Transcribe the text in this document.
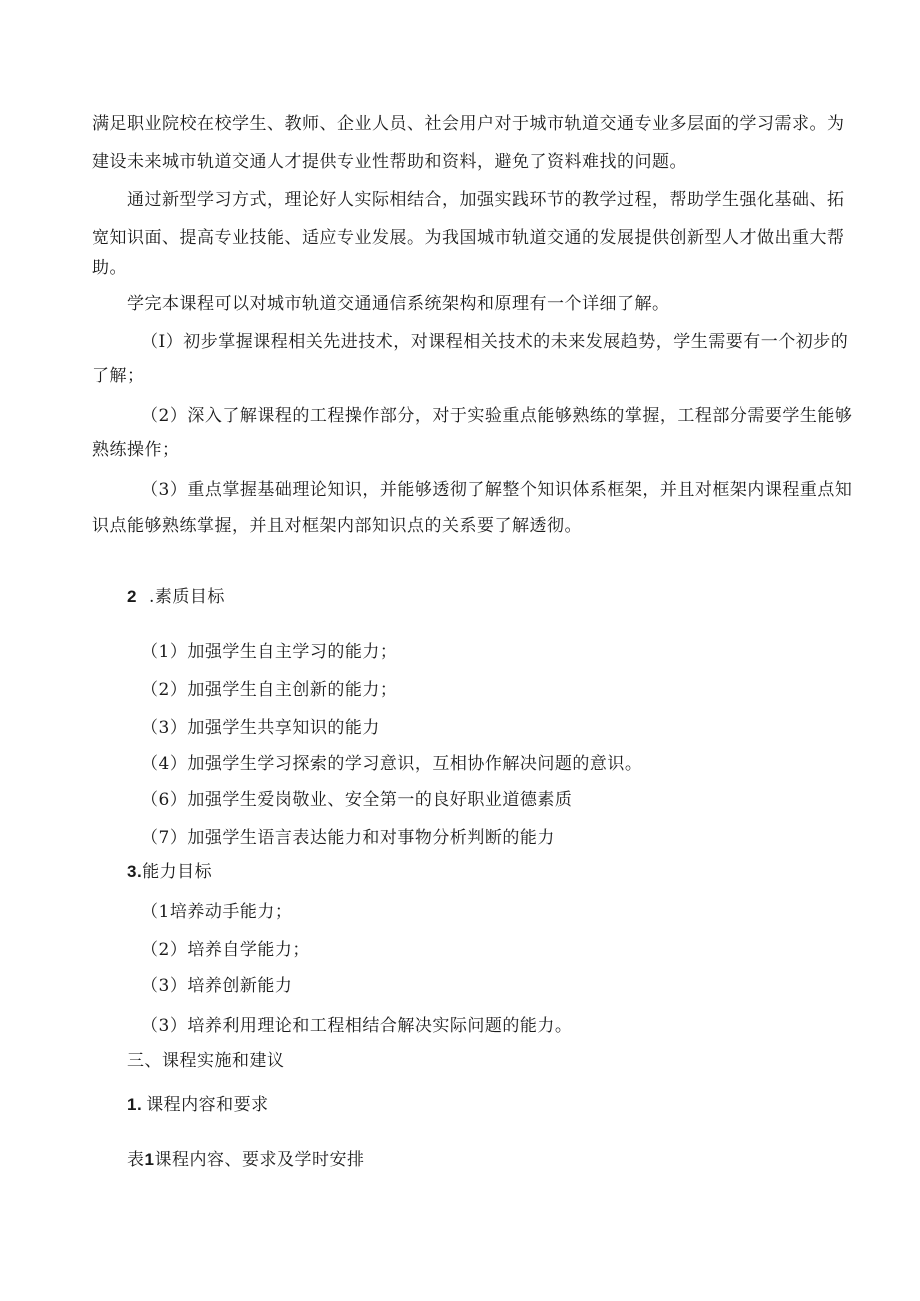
满足职业院校在校学生、教师、企业人员、社会用户对于城市轨道交通专业多层面的学习需求。为
建设未来城市轨道交通人才提供专业性帮助和资料，避免了资料难找的问题。
通过新型学习方式，理论好人实际相结合，加强实践环节的教学过程，帮助学生强化基础、拓
宽知识面、提高专业技能、适应专业发展。为我国城市轨道交通的发展提供创新型人才做出重大帮
助。
学完本课程可以对城市轨道交通通信系统架构和原理有一个详细了解。
（I）初步掌握课程相关先进技术，对课程相关技术的未来发展趋势，学生需要有一个初步的
了解；
（2）深入了解课程的工程操作部分，对于实验重点能够熟练的掌握，工程部分需要学生能够
熟练操作；
（3）重点掌握基础理论知识，并能够透彻了解整个知识体系框架，并且对框架内课程重点知
识点能够熟练掌握，并且对框架内部知识点的关系要了解透彻。
2 .素质目标
（1）加强学生自主学习的能力；
（2）加强学生自主创新的能力；
（3）加强学生共享知识的能力
（4）加强学生学习探索的学习意识，互相协作解决问题的意识。
（6）加强学生爱岗敬业、安全第一的良好职业道德素质
（7）加强学生语言表达能力和对事物分析判断的能力
3.能力目标
（1培养动手能力；
（2）培养自学能力；
（3）培养创新能力
（3）培养利用理论和工程相结合解决实际问题的能力。
三、课程实施和建议
1. 课程内容和要求
表1课程内容、要求及学时安排
